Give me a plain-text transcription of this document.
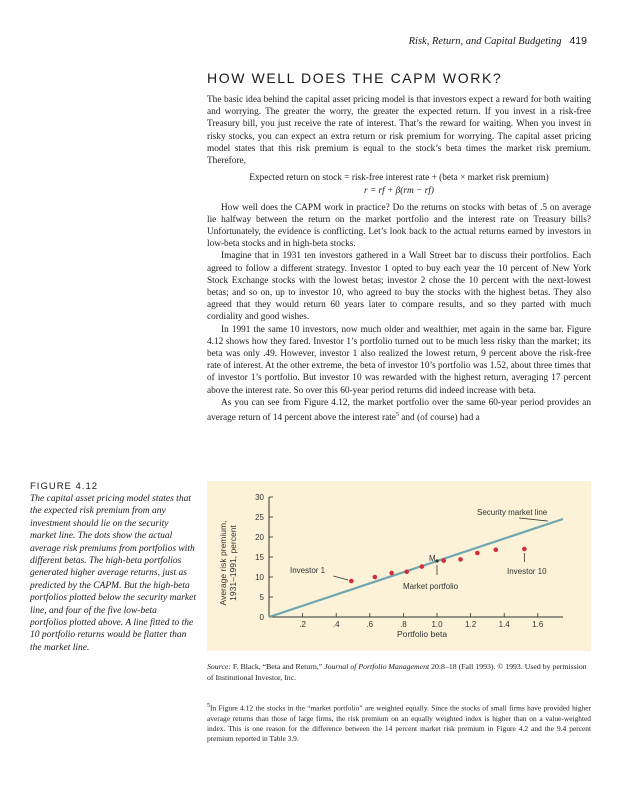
Risk, Return, and Capital Budgeting 419
HOW WELL DOES THE CAPM WORK?

The basic idea behind the capital asset pricing model is that investors expect a reward for both waiting and worrying. The greater the worry, the greater the expected return. If you invest in a risk-free Treasury bill, you just receive the rate of interest. That’s the reward for waiting. When you invest in risky stocks, you can expect an extra return or risk premium for worrying. The capital asset pricing model states that this risk premium is equal to the stock’s beta times the market risk premium. Therefore,

Expected return on stock = risk-free interest rate + (beta × market risk premium)
r = rf + β(rm − rf)

How well does the CAPM work in practice? Do the returns on stocks with betas of .5 on average lie halfway between the return on the market portfolio and the interest rate on Treasury bills? Unfortunately, the evidence is conflicting. Let’s look back to the actual returns earned by investors in low-beta stocks and in high-beta stocks.

Imagine that in 1931 ten investors gathered in a Wall Street bar to discuss their portfolios. Each agreed to follow a different strategy. Investor 1 opted to buy each year the 10 percent of New York Stock Exchange stocks with the lowest betas; investor 2 chose the 10 percent with the next-lowest betas; and so on, up to investor 10, who agreed to buy the stocks with the highest betas. They also agreed that they would return 60 years later to compare results, and so they parted with much cordiality and good wishes.

In 1991 the same 10 investors, now much older and wealthier, met again in the same bar. Figure 4.12 shows how they fared. Investor 1’s portfolio turned out to be much less risky than the market; its beta was only .49. However, investor 1 also realized the lowest return, 9 percent above the risk-free rate of interest. At the other extreme, the beta of investor 10’s portfolio was 1.52, about three times that of investor 1’s portfolio. But investor 10 was rewarded with the highest return, averaging 17 percent above the interest rate. So over this 60-year period returns did indeed increase with beta.

As you can see from Figure 4.12, the market portfolio over the same 60-year period provides an average return of 14 percent above the interest rate$^5$ and (of course) had a

FIGURE 4.12
The capital asset pricing model states that the expected risk premium from any investment should lie on the security market line. The dots show the actual average risk premiums from portfolios with different betas. The high-beta portfolios generated higher average returns, just as predicted by the CAPM. But the high-beta portfolios plotted below the security market line, and four of the five low-beta portfolios plotted above. A line fitted to the 10 portfolio returns would be flatter than the market line.
Average risk premium, 1931–1991, percent
Portfolio beta
Security market line
Investor 1	Investor 10
Market portfolio
M
0
5
10
15
20
25
30
.2	.4	.6	.8	1.0	1.2	1.4	1.6
Source: F. Black, “Beta and Return,” Journal of Portfolio Management 20:8–18 (Fall 1993). © 1993. Used by permission of Institutional Investor, Inc.
$^5$In Figure 4.12 the stocks in the “market portfolio” are weighted equally. Since the stocks of small firms have provided higher average returns than those of large firms, the risk premium on an equally weighted index is higher than on a value-weighted index. This is one reason for the difference between the 14 percent market risk premium in Figure 4.2 and the 9.4 percent premium reported in Table 3.9.
